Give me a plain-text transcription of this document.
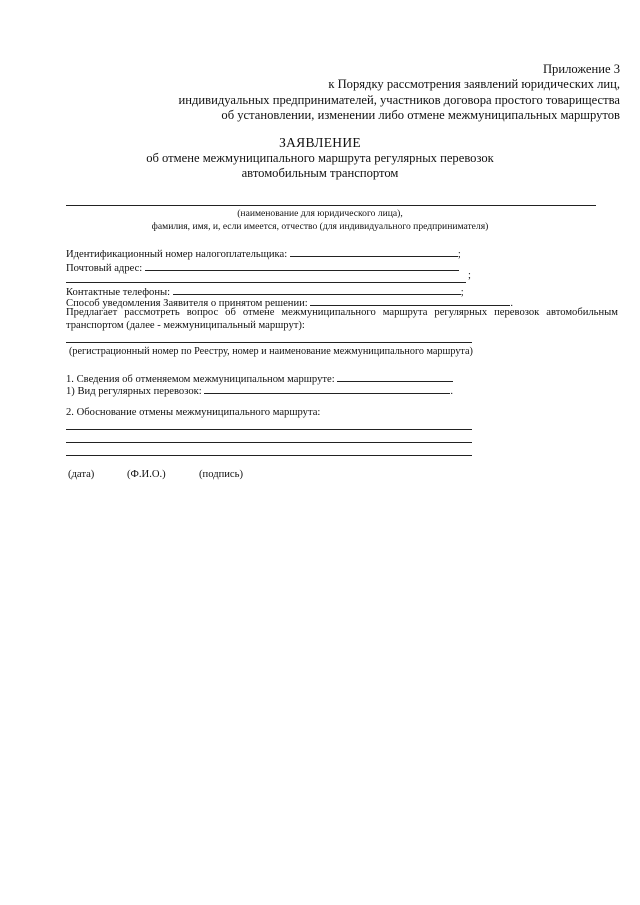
Приложение 3
к Порядку рассмотрения заявлений юридических лиц,
индивидуальных предпринимателей, участников договора простого товарищества
об установлении, изменении либо отмене межмуниципальных маршрутов
ЗАЯВЛЕНИЕ
об отмене межмуниципального маршрута регулярных перевозок
автомобильным транспортом
(наименование для юридического лица),
фамилия, имя, и, если имеется, отчество (для индивидуального предпринимателя)
Идентификационный номер налогоплательщика:	;
Почтовый адрес:
;
Контактные телефоны:	;
Способ уведомления Заявителя о принятом решении:	.
Предлагает рассмотреть вопрос об отмене межмуниципального маршрута регулярных перевозок автомобильным транспортом (далее - межмуниципальный маршрут):
(регистрационный номер по Реестру, номер и наименование межмуниципального маршрута)
1. Сведения об отменяемом межмуниципальном маршруте:
1) Вид регулярных перевозок:	.
2. Обоснование отмены межмуниципального маршрута:
(дата)	(Ф.И.О.)	(подпись)
